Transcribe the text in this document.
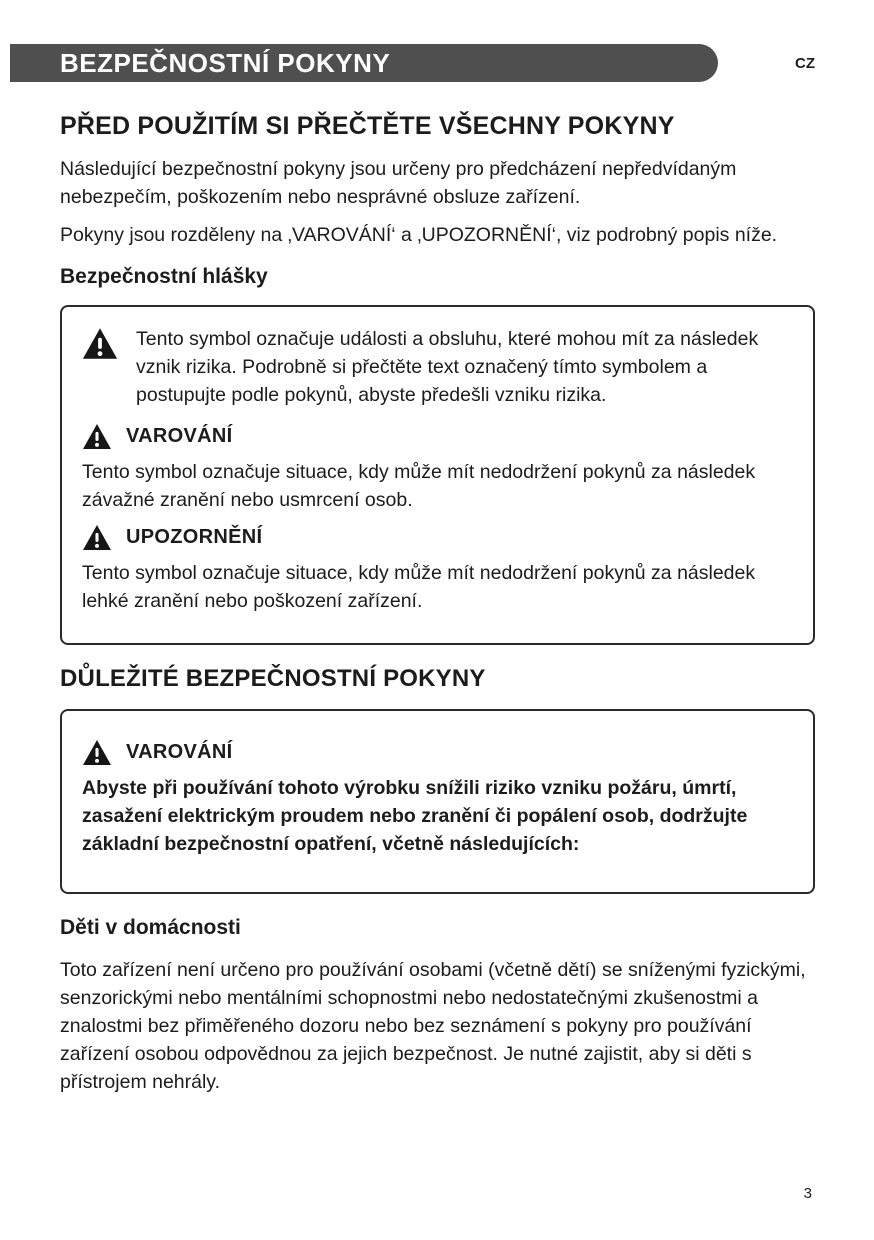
BEZPEČNOSTNÍ POKYNY	CZ
PŘED POUŽITÍM SI PŘEČTĚTE VŠECHNY POKYNY

Následující bezpečnostní pokyny jsou určeny pro předcházení nepředvídaným nebezpečím, poškozením nebo nesprávné obsluze zařízení.

Pokyny jsou rozděleny na ‚VAROVÁNÍ‘ a ‚UPOZORNĚNÍ‘, viz podrobný popis níže.

Bezpečnostní hlášky

Tento symbol označuje události a obsluhu, které mohou mít za následek vznik rizika. Podrobně si přečtěte text označený tímto symbolem a postupujte podle pokynů, abyste předešli vzniku rizika.

VAROVÁNÍ

Tento symbol označuje situace, kdy může mít nedodržení pokynů za následek závažné zranění nebo usmrcení osob.

UPOZORNĚNÍ

Tento symbol označuje situace, kdy může mít nedodržení pokynů za následek lehké zranění nebo poškození zařízení.

DŮLEŽITÉ BEZPEČNOSTNÍ POKYNY
VAROVÁNÍ

Abyste při používání tohoto výrobku snížili riziko vzniku požáru, úmrtí, zasažení elektrickým proudem nebo zranění či popálení osob, dodržujte základní bezpečnostní opatření, včetně následujících:

Děti v domácnosti

Toto zařízení není určeno pro používání osobami (včetně dětí) se sníženými fyzickými, senzorickými nebo mentálními schopnostmi nebo nedostatečnými zkušenostmi a znalostmi bez přiměřeného dozoru nebo bez seznámení s pokyny pro používání zařízení osobou odpovědnou za jejich bezpečnost. Je nutné zajistit, aby si děti s přístrojem nehrály.

3
